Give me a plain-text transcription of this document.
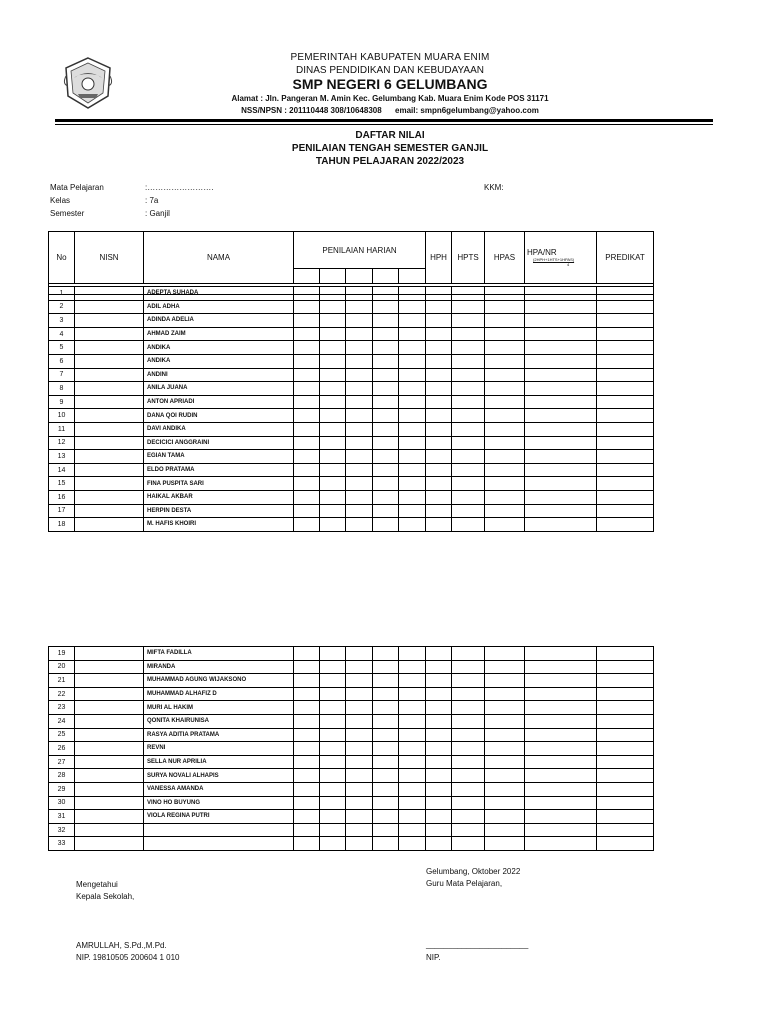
PEMERINTAH KABUPATEN MUARA ENIM
DINAS PENDIDIKAN DAN KEBUDAYAAN
SMP NEGERI 6 GELUMBANG
Alamat : Jln. Pangeran M. Amin Kec. Gelumbang Kab. Muara Enim Kode POS 31171
NSS/NPSN : 201110448 308/10648308 email: smpn6gelumbang@yahoo.com
DAFTAR NILAI
PENILAIAN TENGAH SEMESTER GANJIL
TAHUN PELAJARAN 2022/2023
Mata Pelajaran	:…………………….	KKM:
Kelas	: 7a
Semester	: Ganjil
No	NISN	NAMA	PENILAIAN HARIAN					HPH	HPTS	HPAS	HPA/NR
(2HPH+1HTS+1HPAS)
4	PREDIKAT

1		ADEPTA SUHADA										
2		ADIL ADHA										
3		ADINDA ADELIA										
4		AHMAD ZAIM										
5		ANDIKA										
6		ANDIKA										
7		ANDINI										
8		ANILA JUANA										
9		ANTON APRIADI										
10		DANA QOI RUDIN										
11		DAVI ANDIKA										
12		DECICICI ANGGRAINI										
13		EGIAN TAMA										
14		ELDO PRATAMA										
15		FINA PUSPITA SARI										
16		HAIKAL AKBAR										
17		HERPIN DESTA										
18		M. HAFIS KHOIRI										
19		MIFTA FADILLA										
20		MIRANDA										
21		MUHAMMAD AGUNG WIJAKSONO										
22		MUHAMMAD ALHAFIZ D										
23		MURI AL HAKIM										
24		QONITA KHAIRUNISA										
25		RASYA ADITIA PRATAMA										
26		REVNI										
27		SELLA NUR APRILIA										
28		SURYA NOVALI ALHAPIS										
29		VANESSA AMANDA										
30		VINO HO BUYUNG										
31		VIOLA REGINA PUTRI										
32												
33												
Gelumbang, Oktober 2022
Guru Mata Pelajaran,
Mengetahui
Kepala Sekolah,
AMRULLAH, S.Pd.,M.Pd.	_______________________
NIP. 19810505 200604 1 010	NIP.
